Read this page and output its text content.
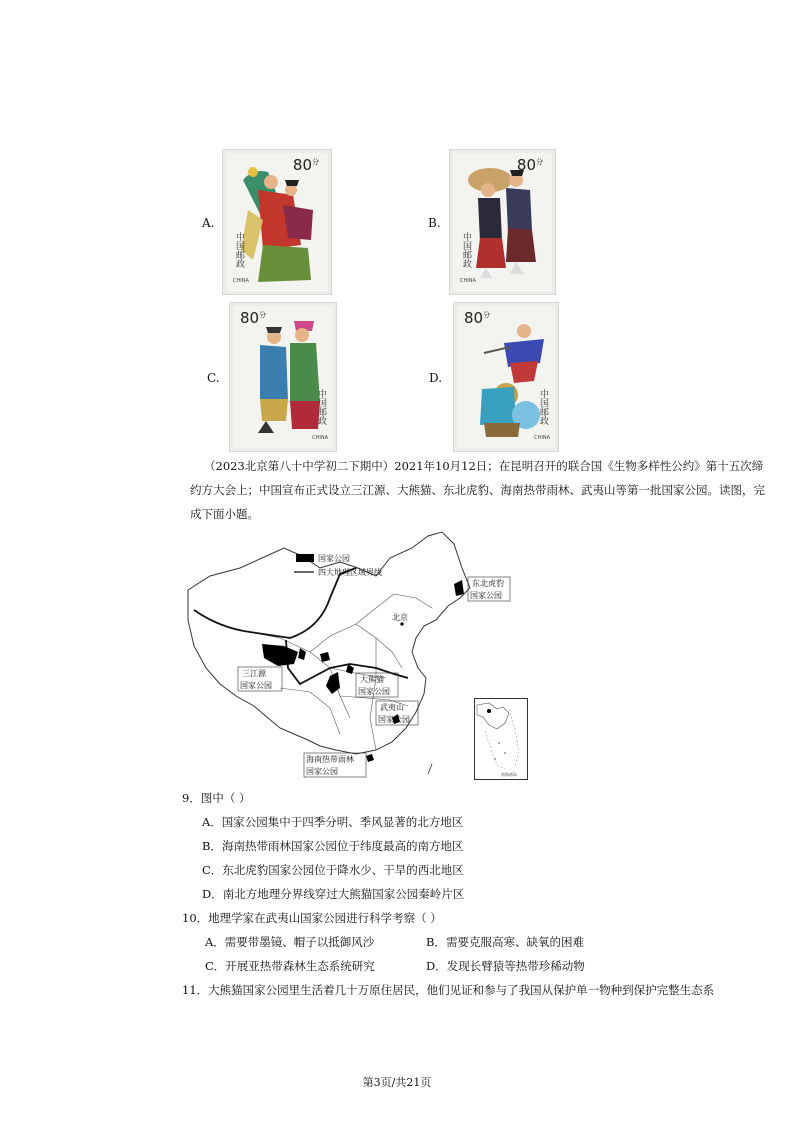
A.	B.
C.	D.
$80^分$
中国邮政
CHINA
$80^分$
中国邮政
CHINA
$80^分$
中国邮政
CHINA
$80^分$
中国邮政
CHINA
（2023北京第八十中学初二下期中）2021年10月12日；在昆明召开的联合国《生物多样性公约》第十五次缔约方大会上；中国宣布正式设立三江源、大熊猫、东北虎豹、海南热带雨林、武夷山等第一批国家公园。读图，完成下面小题。
国家公园
四大地理区域界线
东北虎豹
国家公园
北京
三江源
国家公园
大熊猫
国家公园
武夷山
国家公园
海南热带雨林
国家公园	南海诸岛
9．图中（ ）
A．国家公园集中于四季分明、季风显著的北方地区
B．海南热带雨林国家公园位于纬度最高的南方地区
C．东北虎豹国家公园位于降水少、干旱的西北地区
D．南北方地理分界线穿过大熊猫国家公园秦岭片区
10．地理学家在武夷山国家公园进行科学考察（ ）
A．需要带墨镜、帽子以抵御风沙	B．需要克服高寒、缺氧的困难
C．开展亚热带森林生态系统研究	D．发现长臂猿等热带珍稀动物
11．大熊猫国家公园里生活着几十万原住居民，他们见证和参与了我国从保护单一物种到保护完整生态系
第3页/共21页
